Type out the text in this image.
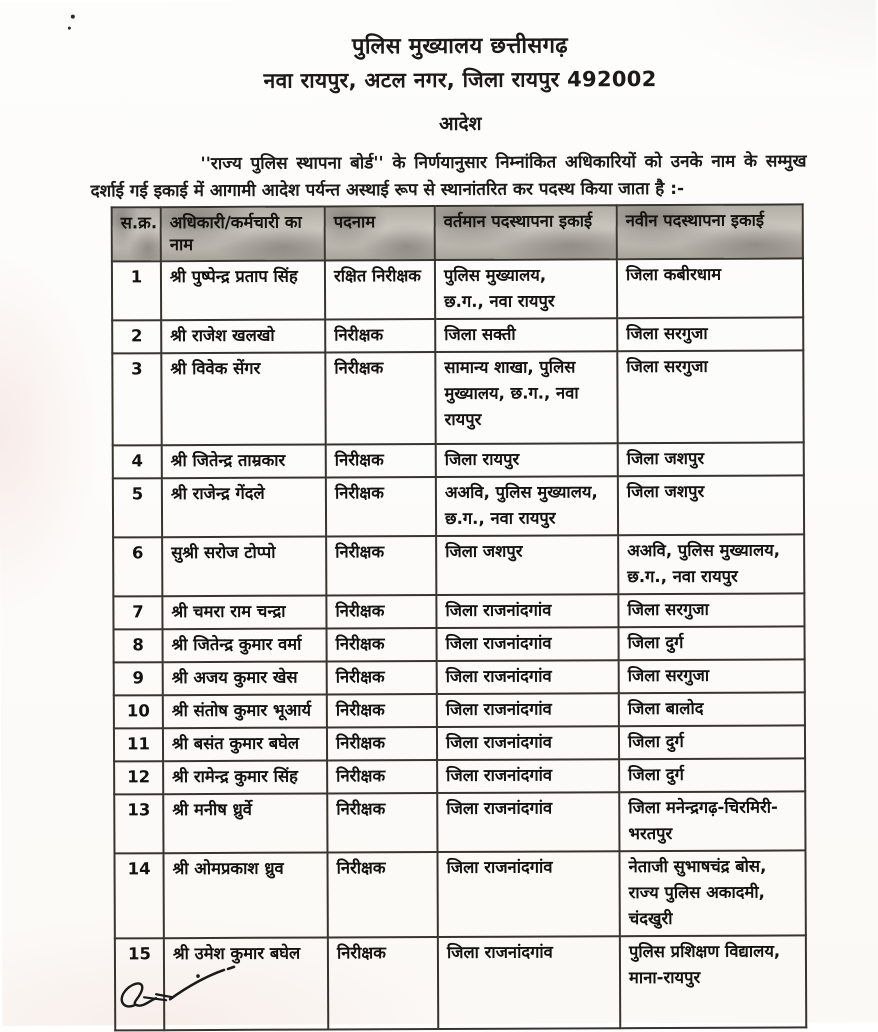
पुलिस मुख्यालय छत्तीसगढ़
नवा रायपुर, अटल नगर, जिला रायपुर 492002
आदेश

''राज्य पुलिस स्थापना बोर्ड'' के निर्णयानुसार निम्नांकित अधिकारियों को उनके नाम के सम्मुख दर्शाई गई इकाई में आगामी आदेश पर्यन्त अस्थाई रूप से स्थानांतरित कर पदस्थ किया जाता है :-

स.क्र.	अधिकारी/कर्मचारी का नाम	पदनाम	वर्तमान पदस्थापना इकाई	नवीन पदस्थापना इकाई
1	श्री पुष्पेन्द्र प्रताप सिंह	रक्षित निरीक्षक	पुलिस मुख्यालय,
छ.ग., नवा रायपुर	जिला कबीरधाम
2	श्री राजेश खलखो	निरीक्षक	जिला सक्ती	जिला सरगुजा
3	श्री विवेक सेंगर	निरीक्षक	सामान्य शाखा, पुलिस
मुख्यालय, छ.ग., नवा
रायपुर	जिला सरगुजा
4	श्री जितेन्द्र ताम्रकार	निरीक्षक	जिला रायपुर	जिला जशपुर
5	श्री राजेन्द्र गेंदले	निरीक्षक	अअवि, पुलिस मुख्यालय,
छ.ग., नवा रायपुर	जिला जशपुर
6	सुश्री सरोज टोप्पो	निरीक्षक	जिला जशपुर	अअवि, पुलिस मुख्यालय,
छ.ग., नवा रायपुर
7	श्री चमरा राम चन्द्रा	निरीक्षक	जिला राजनांदगांव	जिला सरगुजा
8	श्री जितेन्द्र कुमार वर्मा	निरीक्षक	जिला राजनांदगांव	जिला दुर्ग
9	श्री अजय कुमार खेस	निरीक्षक	जिला राजनांदगांव	जिला सरगुजा
10	श्री संतोष कुमार भूआर्य	निरीक्षक	जिला राजनांदगांव	जिला बालोद
11	श्री बसंत कुमार बघेल	निरीक्षक	जिला राजनांदगांव	जिला दुर्ग
12	श्री रामेन्द्र कुमार सिंह	निरीक्षक	जिला राजनांदगांव	जिला दुर्ग
13	श्री मनीष ध्रुर्वे	निरीक्षक	जिला राजनांदगांव	जिला मनेन्द्रगढ़-चिरमिरी-
भरतपुर
14	श्री ओमप्रकाश ध्रुव	निरीक्षक	जिला राजनांदगांव	नेताजी सुभाषचंद्र बोस,
राज्य पुलिस अकादमी,
चंदखुरी
15	श्री उमेश कुमार बघेल	निरीक्षक	जिला राजनांदगांव	पुलिस प्रशिक्षण विद्यालय,
माना-रायपुर
